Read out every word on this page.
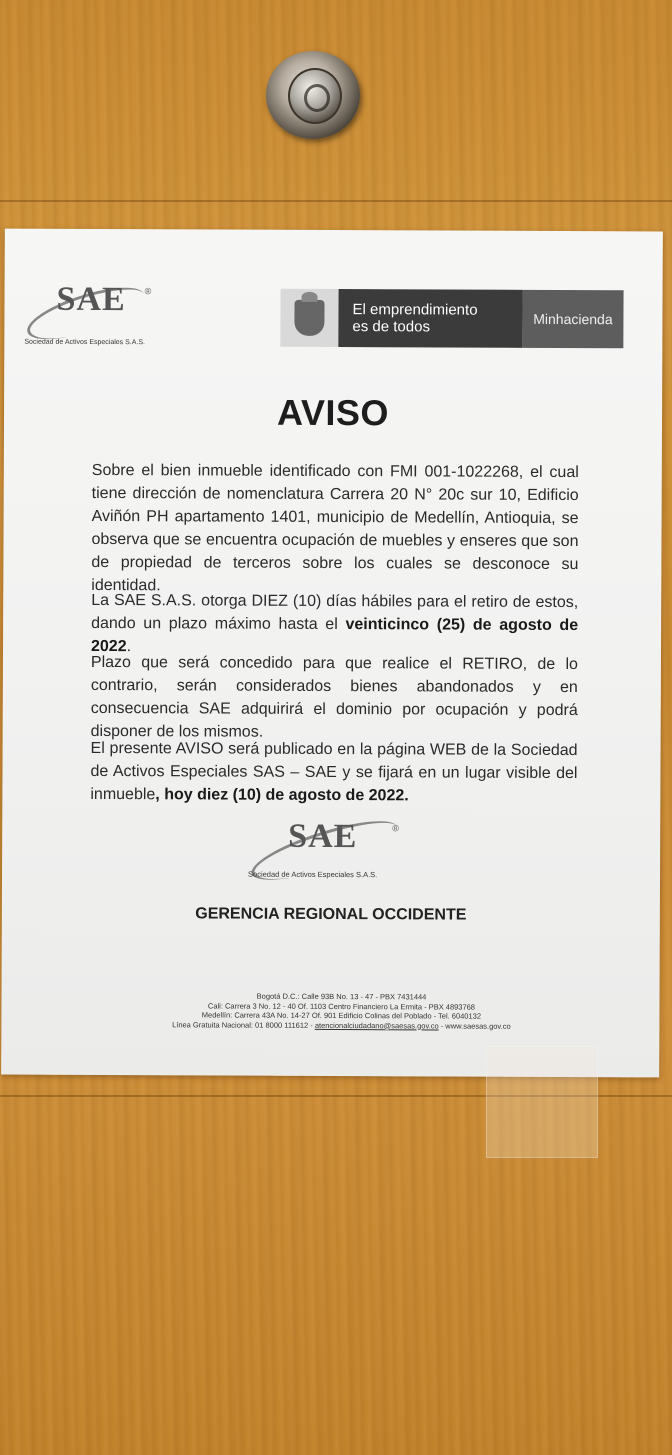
SAE ®
Sociedad de Activos Especiales S.A.S.
El emprendimiento
es de todos	Minhacienda
AVISO
Sobre el bien inmueble identificado con FMI 001-1022268, el cual tiene dirección de nomenclatura Carrera 20 N° 20c sur 10, Edificio Aviñón PH apartamento 1401, municipio de Medellín, Antioquia, se observa que se encuentra ocupación de muebles y enseres que son de propiedad de terceros sobre los cuales se desconoce su identidad.
La SAE S.A.S. otorga DIEZ (10) días hábiles para el retiro de estos, dando un plazo máximo hasta el veinticinco (25) de agosto de 2022.
Plazo que será concedido para que realice el RETIRO, de lo contrario, serán considerados bienes abandonados y en consecuencia SAE adquirirá el dominio por ocupación y podrá disponer de los mismos.
El presente AVISO será publicado en la página WEB de la Sociedad de Activos Especiales SAS – SAE y se fijará en un lugar visible del inmueble, hoy diez (10) de agosto de 2022.
SAE	®
Sociedad de Activos Especiales S.A.S.
GERENCIA REGIONAL OCCIDENTE
Bogotá D.C.: Calle 93B No. 13 - 47 - PBX 7431444
Cali: Carrera 3 No. 12 - 40 Of. 1103 Centro Financiero La Ermita - PBX 4893768
Medellín: Carrera 43A No. 14-27 Of. 901 Edificio Colinas del Poblado - Tel. 6040132
Línea Gratuita Nacional: 01 8000 111612 - atencionalciudadano@saesas.gov.co - www.saesas.gov.co
